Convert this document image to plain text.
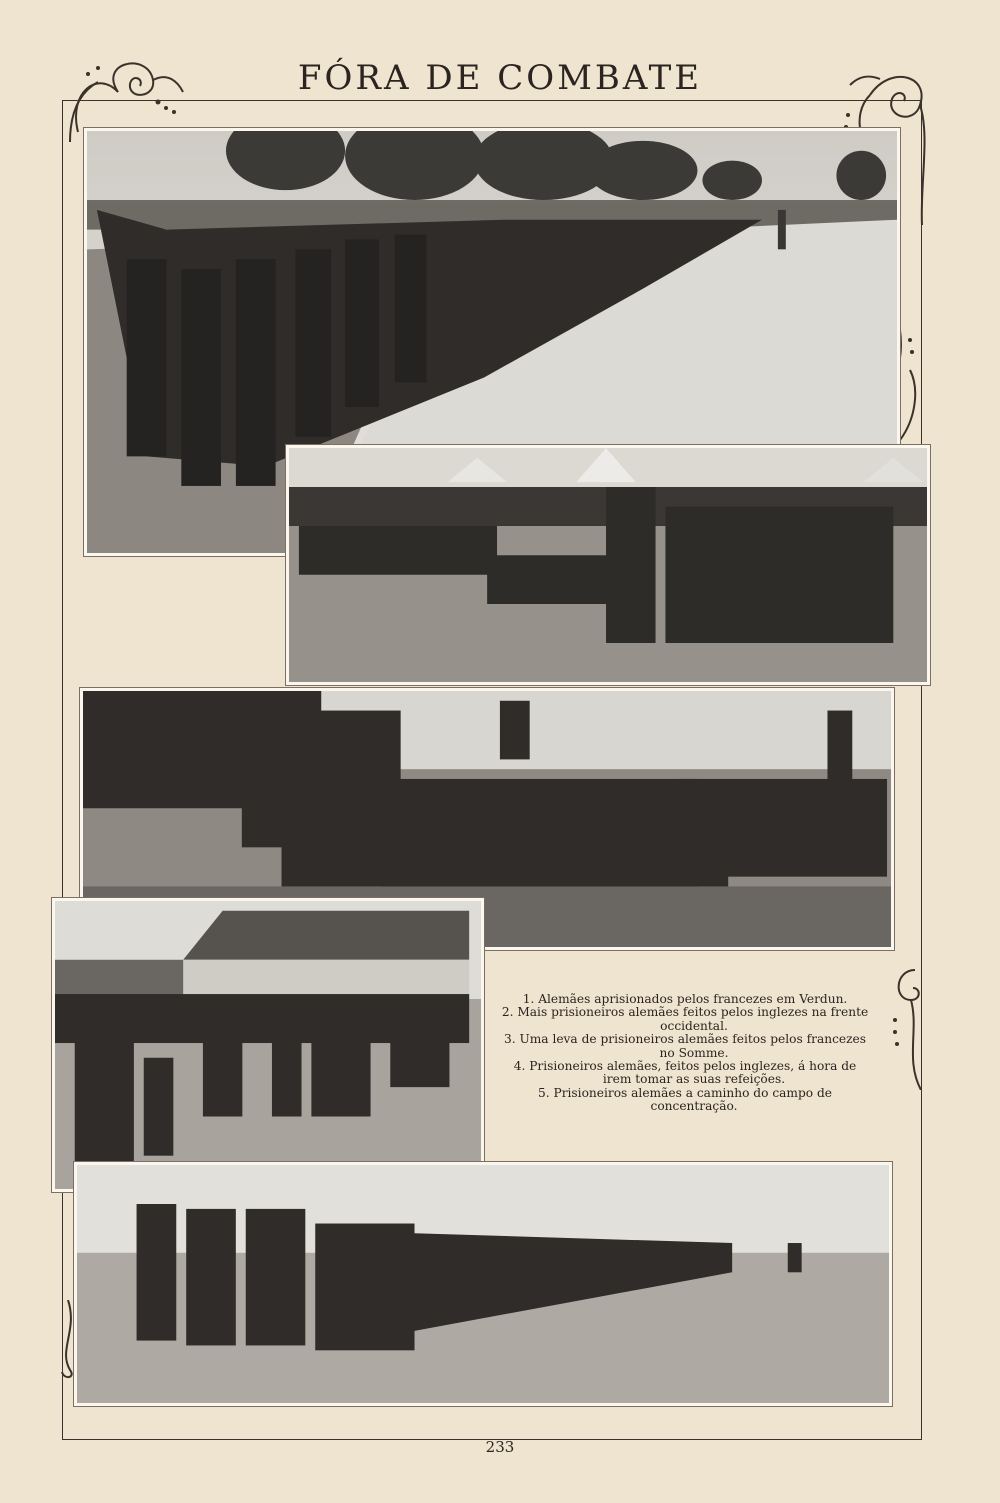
FÓRA DE COMBATE
1. Alemães aprisionados pelos francezes em Verdun.
2. Mais prisioneiros alemães feitos pelos inglezes na frente occidental.
3. Uma leva de prisioneiros alemães feitos pelos francezes no Somme.
4. Prisioneiros alemães, feitos pelos inglezes, á hora de irem tomar as suas refeições.
5. Prisioneiros alemães a caminho do campo de concentração.
233
